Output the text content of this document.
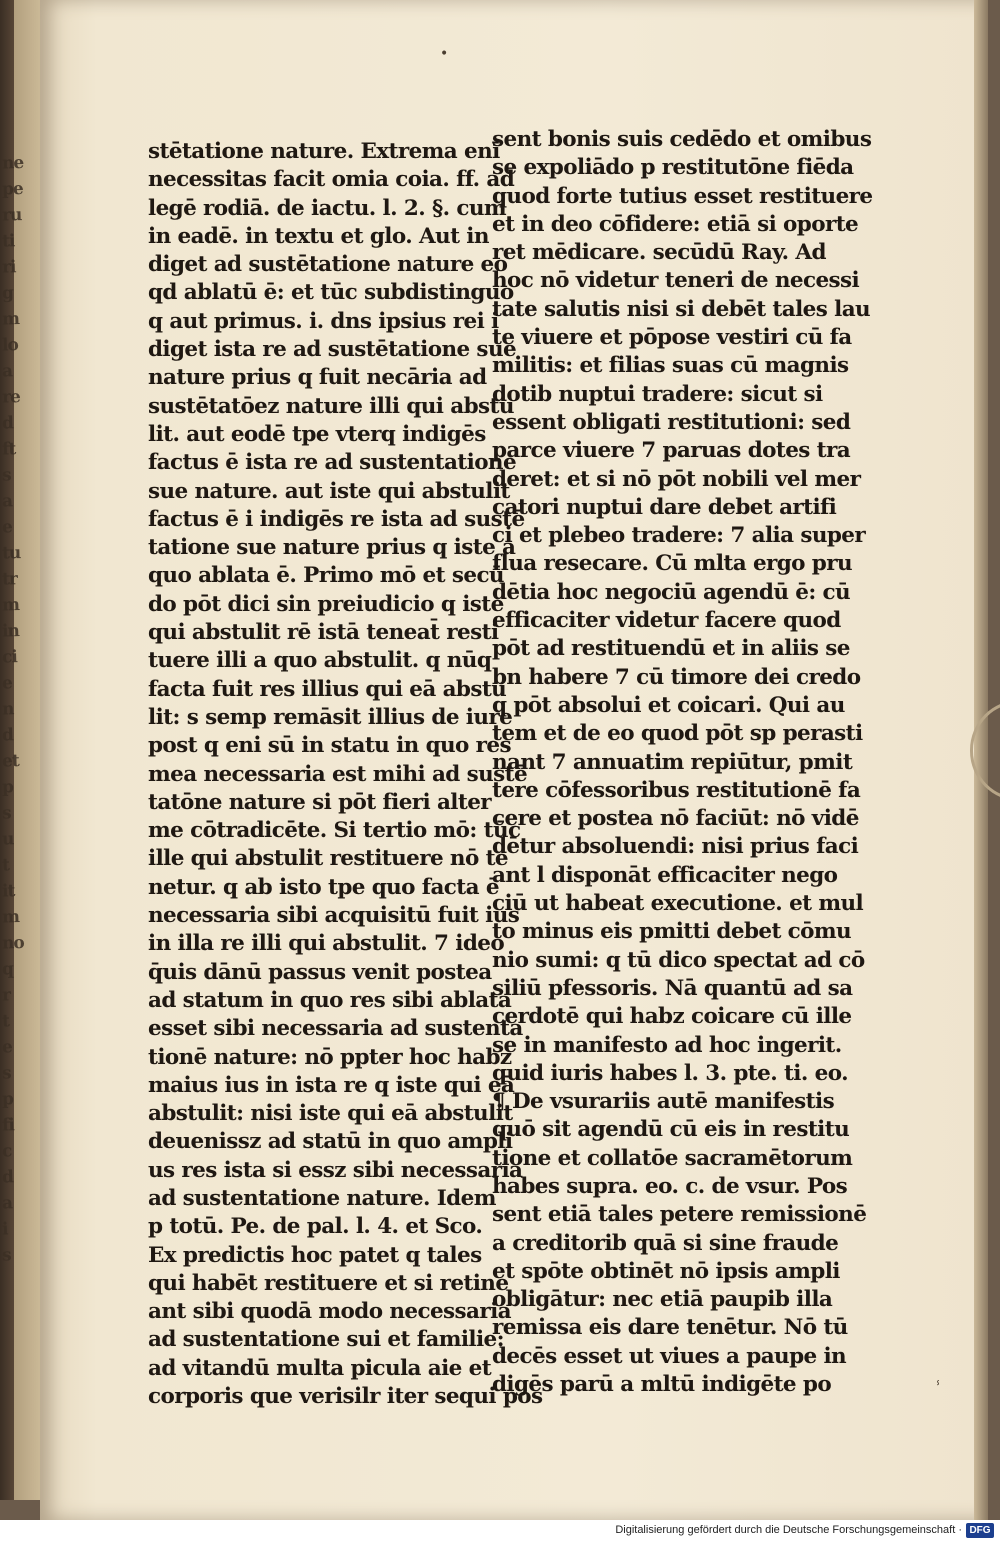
ne
pe
ru
ti
ri
g
m
lo
a
re
d
ft
s
a
e
tu
tr
m
in
ci
e
n
d
et
p
s
u
t
it
m
no
q
r
t
e
s
p
fi
c
d
a
i
s
•
ⸯ
stētatione nature. Extrema enī
necessitas facit omia coia. ff. ad
legē rodiā. de iactu. l. 2. §. cum
in eadē. in textu et glo. Aut in
diget ad sustētatione nature eo
qd ablatū ē: et tūc subdistinguo
q aut primus. i. dns ipsius rei i
diget ista re ad sustētatione sue
nature prius q fuit necāria ad
sustētatōez nature illi qui abstu
lit. aut eodē tpe vterq indigēs
factus ē ista re ad sustentatione
sue nature. aut iste qui abstulit
factus ē i indigēs re ista ad sustē
tatione sue nature prius q iste a
quo ablata ē. Primo mō et secū
do pōt dici sin preiudicio q iste
qui abstulit rē istā teneat̄ resti
tuere illi a quo abstulit. q nūq
facta fuit res illius qui eā abstu
lit: s semp remāsit illius de iure
post q eni sū in statu in quo res
mea necessaria est mihi ad sustē
tatōne nature si pōt fieri alter
me cōtradicēte. Si tertio mō: tūc
ille qui abstulit restituere nō te
netur. q ab isto tpe quo facta ē
necessaria sibi acquisitū fuit ius
in illa re illi qui abstulit. 7 ideo
q̄uis dānū passus venit postea
ad statum in quo res sibi ablata
esset sibi necessaria ad sustenta
tionē nature: nō ppter hoc habz
maius ius in ista re q iste qui eā
abstulit: nisi iste qui eā abstulit
deuenissz ad statū in quo ampli
us res ista si essz sibi necessaria
ad sustentatione nature. Idem
p totū. Pe. de pal. l. 4. et Sco.
Ex predictis hoc patet q tales
qui habēt restituere et si retine
ant sibi quodā modo necessaria
ad sustentatione sui et familie:
ad vitandū multa picula aie et
corporis que verisilr iter sequi pos
sent bonis suis cedēdo et omibus
se expoliādo p restitutōne fiēda
quod forte tutius esset restituere
et in deo cōfidere: etiā si oporte
ret mēdicare. secūdū Ray. Ad
hoc nō videtur teneri de necessi
tate salutis nisi si debēt tales lau
te viuere et pōpose vestiri cū fa
militis: et filias suas cū magnis
dotib nuptui tradere: sicut si
essent obligati restitutioni: sed
parce viuere 7 paruas dotes tra
deret: et si nō pōt nobili vel mer
catori nuptui dare debet artifi
ci et plebeo tradere: 7 alia super
flua resecare. Cū mlta ergo pru
dētia hoc negociū agendū ē: cū
efficaciter videtur facere quod
pōt ad restituendū et in aliis se
bn habere 7 cū timore dei credo
q pōt absolui et coicari. Qui au
tem et de eo quod pōt sp perasti
nant 7 annuatim repiūtur, pmit
tere cōfessoribus restitutionē fa
cere et postea nō faciūt: nō vidē
dētur absoluendi: nisi prius faci
ant l disponāt efficaciter nego
ciū ut habeat executione. et mul
to minus eis pmitti debet cōmu
nio sumi: q tū dico spectat ad cō
siliū pfessoris. Nā quantū ad sa
cerdotē qui habz coicare cū ille
se in manifesto ad hoc ingerit.
quid iuris habes l. 3. pte. ti. eo.
¶ De vsurariis autē manifestis
quō sit agendū cū eis in restitu
tione et collatōe sacramētorum
habes supra. eo. c. de vsur. Pos
sent etiā tales petere remissionē
a creditorib quā si sine fraude
et spōte obtinēt nō ipsis ampli
obligātur: nec etiā paupib illa
remissa eis dare tenētur. Nō tū
decēs esset ut viues a paupe in
digēs parū a mltū indigēte po
Digitalisierung gefördert durch die Deutsche Forschungsgemeinschaft · DFG
